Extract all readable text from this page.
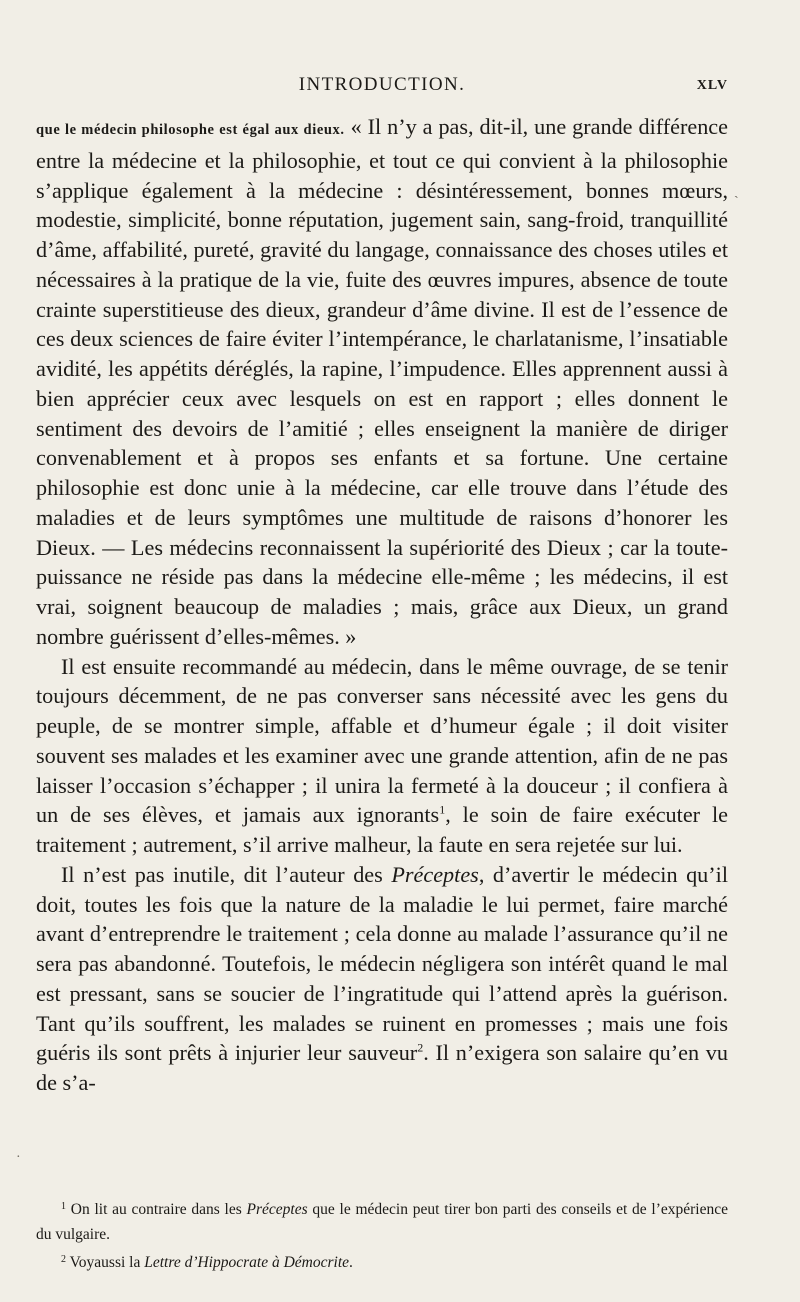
INTRODUCTION.	XLV

que le médecin philosophe est égal aux dieux. « Il n’y a pas, dit-il, une grande différence entre la médecine et la philosophie, et tout ce qui convient à la philosophie s’applique également à la médecine : désintéressement, bonnes mœurs, modestie, simplicité, bonne réputation, jugement sain, sang-froid, tranquillité d’âme, affabilité, pureté, gravité du langage, connaissance des choses utiles et nécessaires à la pratique de la vie, fuite des œuvres impures, absence de toute crainte superstitieuse des dieux, grandeur d’âme divine. Il est de l’essence de ces deux sciences de faire éviter l’intempérance, le charlatanisme, l’insatiable avidité, les appétits déréglés, la rapine, l’impudence. Elles apprennent aussi à bien apprécier ceux avec lesquels on est en rapport ; elles donnent le sentiment des devoirs de l’amitié ; elles enseignent la manière de diriger convenablement et à propos ses enfants et sa fortune. Une certaine philosophie est donc unie à la médecine, car elle trouve dans l’étude des maladies et de leurs symptômes une multitude de raisons d’honorer les Dieux. — Les médecins reconnaissent la supériorité des Dieux ; car la toute-puissance ne réside pas dans la médecine elle-même ; les médecins, il est vrai, soignent beaucoup de maladies ; mais, grâce aux Dieux, un grand nombre guérissent d’elles-mêmes. »

Il est ensuite recommandé au médecin, dans le même ouvrage, de se tenir toujours décemment, de ne pas converser sans nécessité avec les gens du peuple, de se montrer simple, affable et d’humeur égale ; il doit visiter souvent ses malades et les examiner avec une grande attention, afin de ne pas laisser l’occasion s’échapper ; il unira la fermeté à la douceur ; il confiera à un de ses élèves, et jamais aux ignorants$^1$, le soin de faire exécuter le traitement ; autrement, s’il arrive malheur, la faute en sera rejetée sur lui.

Il n’est pas inutile, dit l’auteur des Préceptes, d’avertir le médecin qu’il doit, toutes les fois que la nature de la maladie le lui permet, faire marché avant d’entreprendre le traitement ; cela donne au malade l’assurance qu’il ne sera pas abandonné. Toutefois, le médecin négligera son intérêt quand le mal est pressant, sans se soucier de l’ingratitude qui l’attend après la guérison. Tant qu’ils souffrent, les malades se ruinent en promesses ; mais une fois guéris ils sont prêts à injurier leur sauveur$^2$. Il n’exigera son salaire qu’en vu de s’a-

$^1$ On lit au contraire dans les Préceptes que le médecin peut tirer bon parti des conseils et de l’expérience du vulgaire.

$^2$ Voyaussi la Lettre d’Hippocrate à Démocrite.

ˎ
·
